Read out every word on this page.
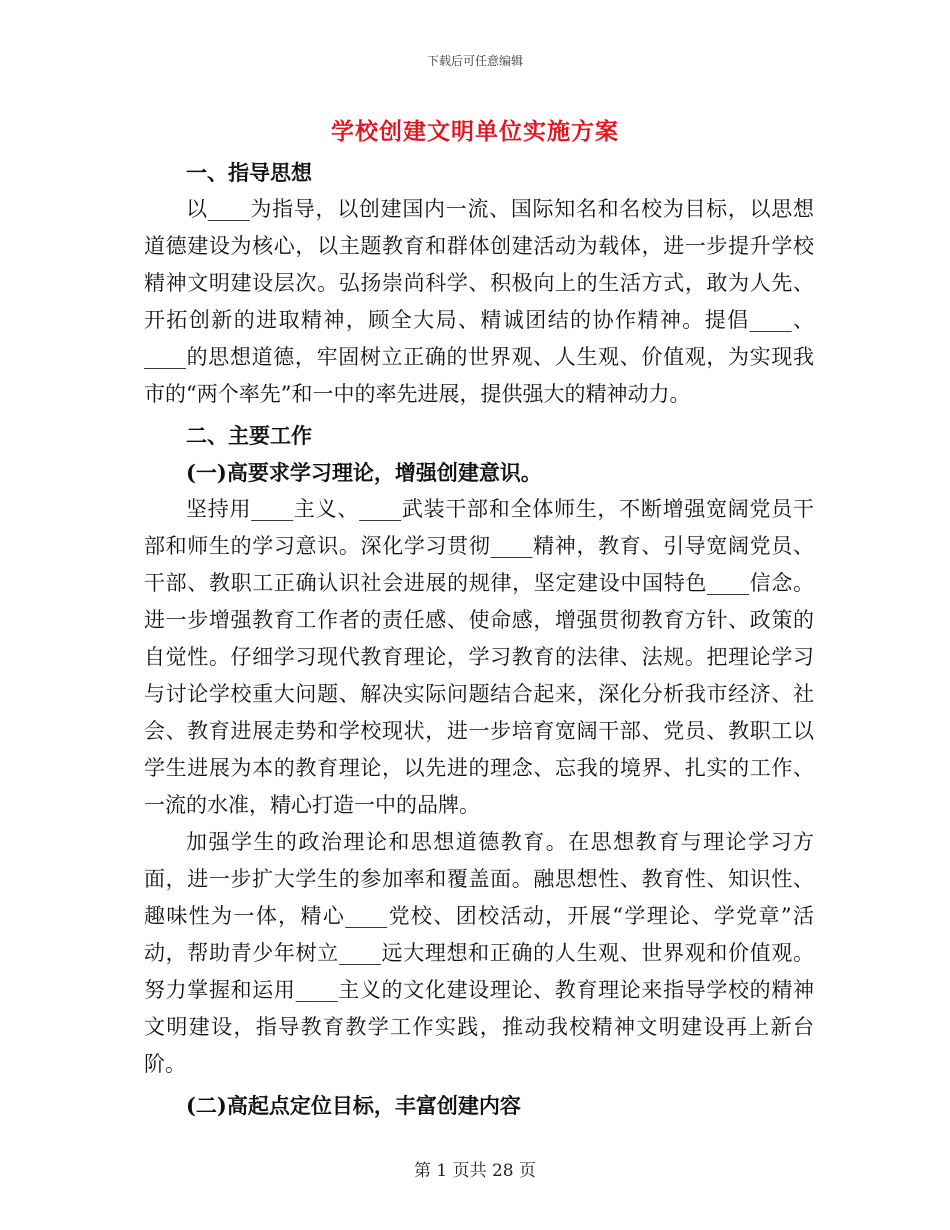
下载后可任意编辑
学校创建文明单位实施方案
一、指导思想

以____为指导，以创建国内一流、国际知名和名校为目标，以思想道德建设为核心，以主题教育和群体创建活动为载体，进一步提升学校精神文明建设层次。弘扬崇尚科学、积极向上的生活方式，敢为人先、开拓创新的进取精神，顾全大局、精诚团结的协作精神。提倡____、____的思想道德，牢固树立正确的世界观、人生观、价值观，为实现我市的“两个率先”和一中的率先进展，提供强大的精神动力。

二、主要工作
(一)高要求学习理论，增强创建意识。

坚持用____主义、____武装干部和全体师生，不断增强宽阔党员干部和师生的学习意识。深化学习贯彻____精神，教育、引导宽阔党员、干部、教职工正确认识社会进展的规律，坚定建设中国特色____信念。进一步增强教育工作者的责任感、使命感，增强贯彻教育方针、政策的自觉性。仔细学习现代教育理论，学习教育的法律、法规。把理论学习与讨论学校重大问题、解决实际问题结合起来，深化分析我市经济、社会、教育进展走势和学校现状，进一步培育宽阔干部、党员、教职工以学生进展为本的教育理论，以先进的理念、忘我的境界、扎实的工作、一流的水准，精心打造一中的品牌。

加强学生的政治理论和思想道德教育。在思想教育与理论学习方面，进一步扩大学生的参加率和覆盖面。融思想性、教育性、知识性、趣味性为一体，精心____党校、团校活动，开展“学理论、学党章”活动，帮助青少年树立____远大理想和正确的人生观、世界观和价值观。努力掌握和运用____主义的文化建设理论、教育理论来指导学校的精神文明建设，指导教育教学工作实践，推动我校精神文明建设再上新台阶。

(二)高起点定位目标，丰富创建内容
第 1 页共 28 页
